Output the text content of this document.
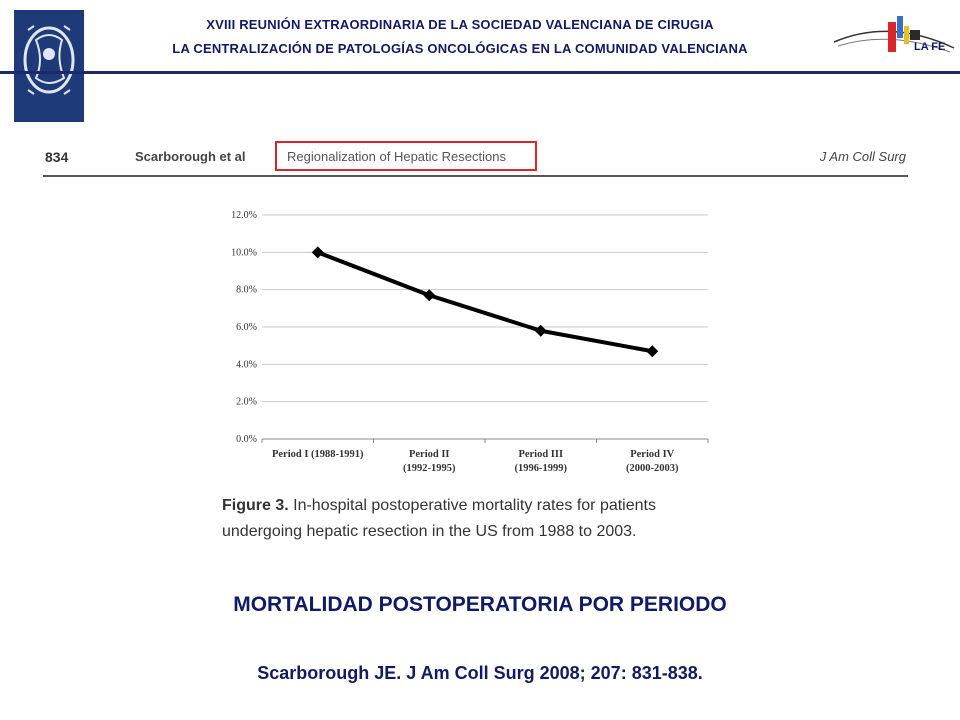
XVIII REUNIÓN EXTRAORDINARIA DE LA SOCIEDAD VALENCIANA DE CIRUGIA
LA CENTRALIZACIÓN DE PATOLOGÍAS ONCOLÓGICAS EN LA COMUNIDAD VALENCIANA	LA FE
834	Scarborough et al	Regionalization of Hepatic Resections	J Am Coll Surg
0.0%
2.0%
4.0%
6.0%
8.0%
10.0%
12.0%
Period I (1988-1991)	Period II
(1992-1995)
Period III
(1996-1999)
Period IV
(2000-2003)
Figure 3. In-hospital postoperative mortality rates for patients undergoing hepatic resection in the US from 1988 to 2003.
MORTALIDAD POSTOPERATORIA POR PERIODO
Scarborough JE. J Am Coll Surg 2008; 207: 831-838.
